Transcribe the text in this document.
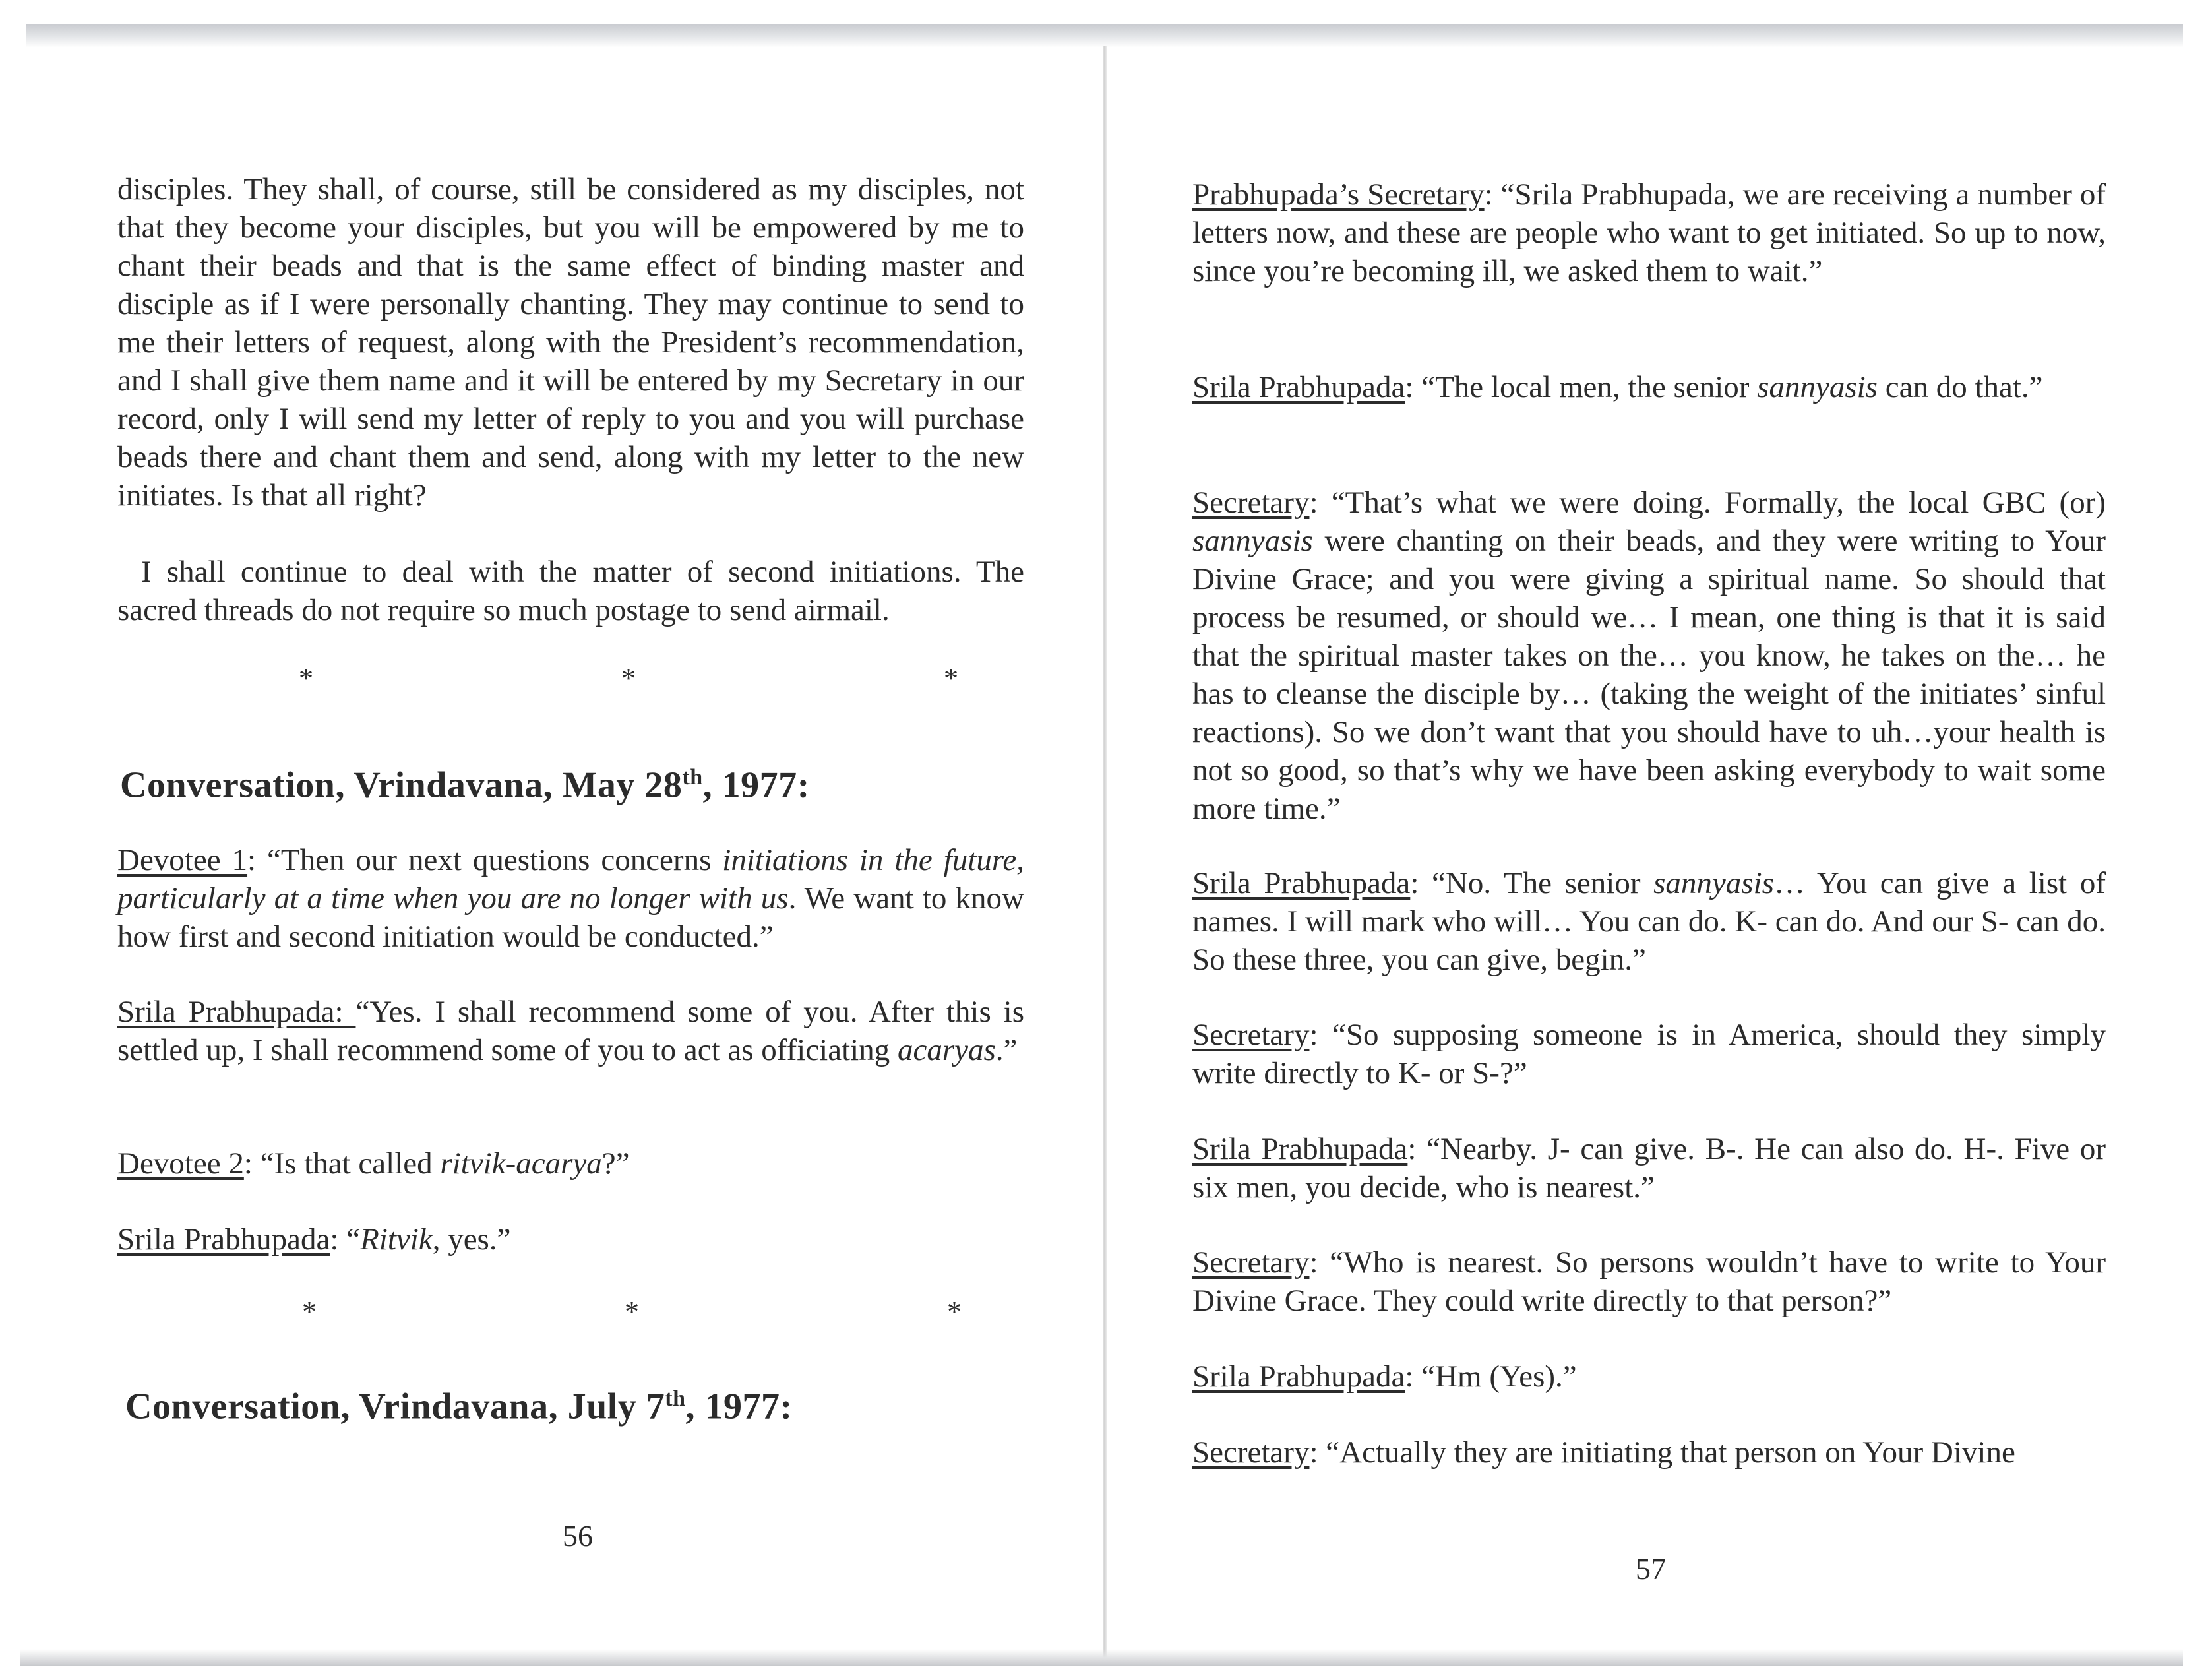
disciples. They shall, of course, still be considered as my disciples, not that they become your disciples, but you will be empowered by me to chant their beads and that is the same effect of binding master and disciple as if I were personally chanting. They may continue to send to me their letters of request, along with the President’s recommendation, and I shall give them name and it will be entered by my Secretary in our record, only I will send my letter of reply to you and you will purchase beads there and chant them and send, along with my letter to the new initiates. Is that all right?

I shall continue to deal with the matter of second initiations. The sacred threads do not require so much postage to send airmail.

*	*	*
Conversation, Vrindavana, May 28th, 1977:

Devotee 1: “Then our next questions concerns initiations in the future, particularly at a time when you are no longer with us. We want to know how first and second initiation would be conducted.”

Srila Prabhupada: “Yes. I shall recommend some of you. After this is settled up, I shall recommend some of you to act as officiating acaryas.”

Devotee 2: “Is that called ritvik-acarya?”

Srila Prabhupada: “Ritvik, yes.”

*	*	*
Conversation, Vrindavana, July 7th, 1977:
56

Prabhupada’s Secretary: “Srila Prabhupada, we are receiving a number of letters now, and these are people who want to get initiated. So up to now, since you’re becoming ill, we asked them to wait.”

Srila Prabhupada: “The local men, the senior sannyasis can do that.”

Secretary: “That’s what we were doing. Formally, the local GBC (or) sannyasis were chanting on their beads, and they were writing to Your Divine Grace; and you were giving a spiritual name. So should that process be resumed, or should we… I mean, one thing is that it is said that the spiritual master takes on the… you know, he takes on the… he has to cleanse the disciple by… (taking the weight of the initiates’ sinful reactions). So we don’t want that you should have to uh…your health is not so good, so that’s why we have been asking everybody to wait some more time.”

Srila Prabhupada: “No. The senior sannyasis… You can give a list of names. I will mark who will… You can do. K- can do. And our S- can do. So these three, you can give, begin.”

Secretary: “So supposing someone is in America, should they simply write directly to K- or S-?”

Srila Prabhupada: “Nearby. J- can give. B-. He can also do. H-. Five or six men, you decide, who is nearest.”

Secretary: “Who is nearest. So persons wouldn’t have to write to Your Divine Grace. They could write directly to that person?”

Srila Prabhupada: “Hm (Yes).”

Secretary: “Actually they are initiating that person on Your Divine

57
